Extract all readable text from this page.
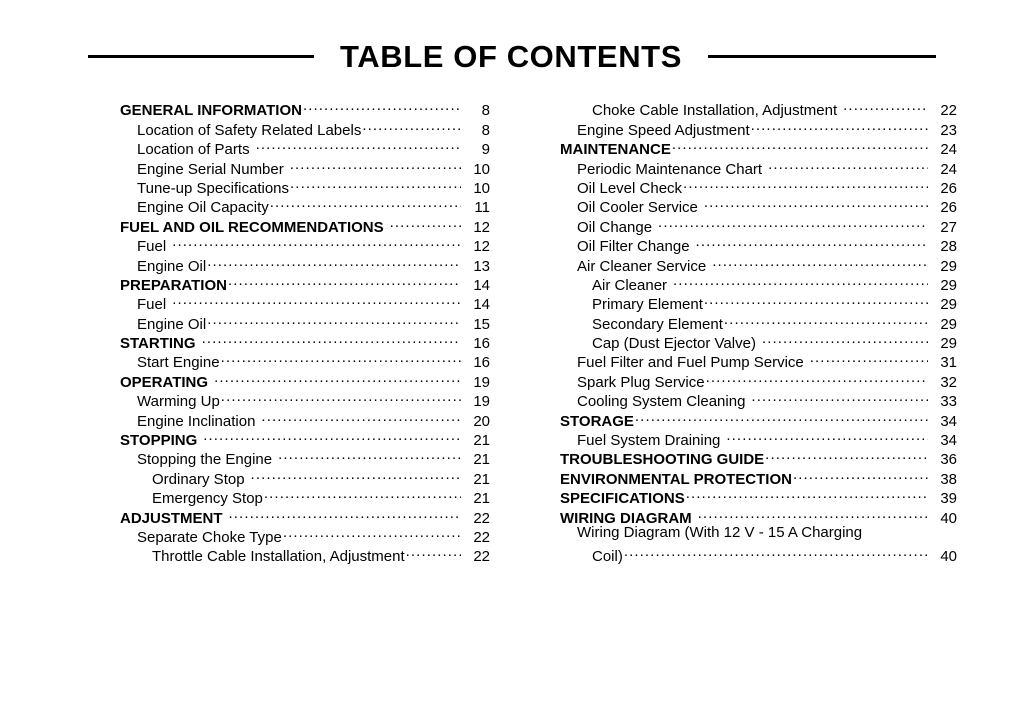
TABLE OF CONTENTS
GENERAL INFORMATION .....	8
Location of Safety Related Labels .....	8
Location of Parts .....	9
Engine Serial Number .....	10
Tune-up Specifications .....	10
Engine Oil Capacity .....	11
FUEL AND OIL RECOMMENDATIONS .....	12
Fuel .....	12
Engine Oil .....	13
PREPARATION .....	14
Fuel .....	14
Engine Oil .....	15
STARTING .....	16
Start Engine .....	16
OPERATING .....	19
Warming Up .....	19
Engine Inclination .....	20
STOPPING .....	21
Stopping the Engine .....	21
Ordinary Stop .....	21
Emergency Stop .....	21
ADJUSTMENT .....	22
Separate Choke Type .....	22
Throttle Cable Installation, Adjustment .....	22
Choke Cable Installation, Adjustment .....	22
Engine Speed Adjustment .....	23
MAINTENANCE .....	24
Periodic Maintenance Chart .....	24
Oil Level Check .....	26
Oil Cooler Service .....	26
Oil Change .....	27
Oil Filter Change .....	28
Air Cleaner Service .....	29
Air Cleaner .....	29
Primary Element .....	29
Secondary Element .....	29
Cap (Dust Ejector Valve) .....	29
Fuel Filter and Fuel Pump Service .....	31
Spark Plug Service .....	32
Cooling System Cleaning .....	33
STORAGE .....	34
Fuel System Draining .....	34
TROUBLESHOOTING GUIDE .....	36
ENVIRONMENTAL PROTECTION .....	38
SPECIFICATIONS .....	39
WIRING DIAGRAM .....	40
Wiring Diagram (With 12 V - 15 A Charging
Coil) .....	40
